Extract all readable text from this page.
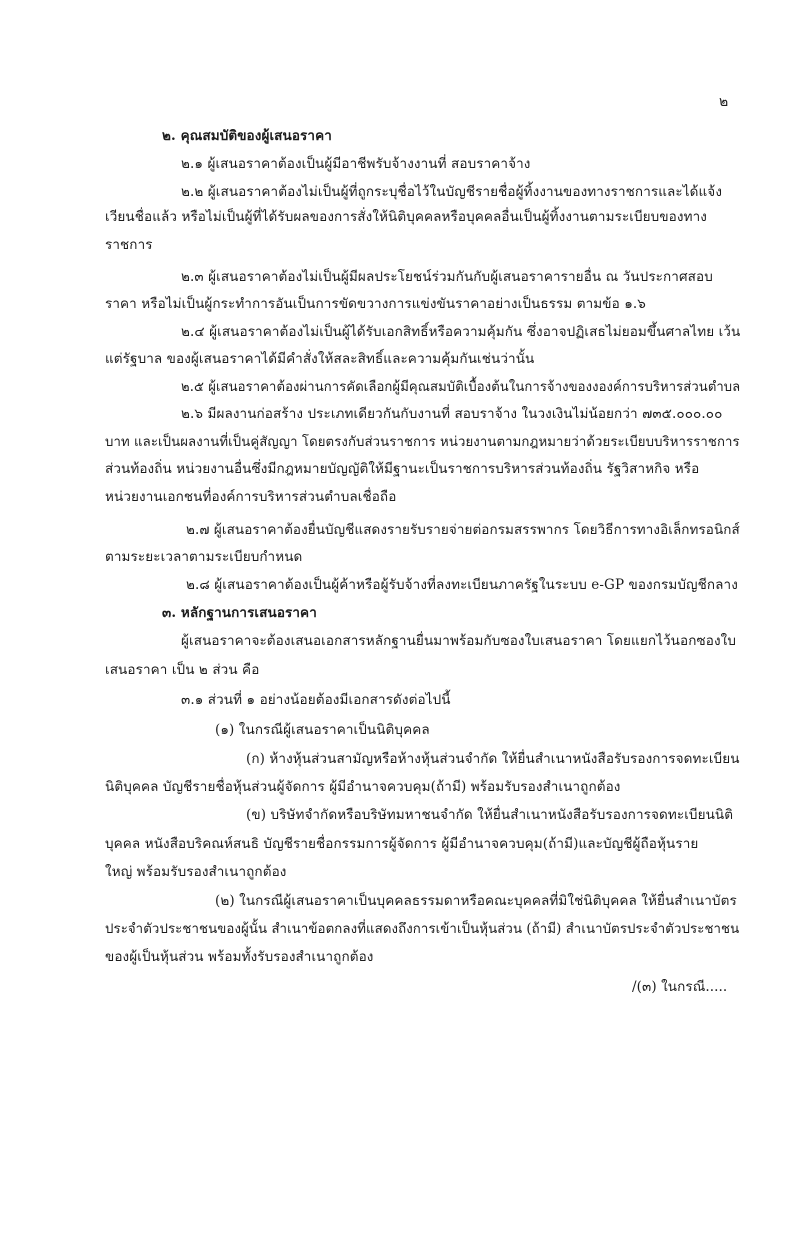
๒
๒. คุณสมบัติของผู้เสนอราคา
๒.๑ ผู้เสนอราคาต้องเป็นผู้มีอาชีพรับจ้างงานที่ สอบราคาจ้าง
๒.๒ ผู้เสนอราคาต้องไม่เป็นผู้ที่ถูกระบุชื่อไว้ในบัญชีรายชื่อผู้ทิ้งงานของทางราชการและได้แจ้ง
เวียนชื่อแล้ว หรือไม่เป็นผู้ที่ได้รับผลของการสั่งให้นิติบุคคลหรือบุคคลอื่นเป็นผู้ทิ้งงานตามระเบียบของทาง
ราชการ
๒.๓ ผู้เสนอราคาต้องไม่เป็นผู้มีผลประโยชน์ร่วมกันกับผู้เสนอราคารายอื่น ณ วันประกาศสอบ
ราคา หรือไม่เป็นผู้กระทำการอันเป็นการขัดขวางการแข่งขันราคาอย่างเป็นธรรม ตามข้อ ๑.๖
๒.๔ ผู้เสนอราคาต้องไม่เป็นผู้ได้รับเอกสิทธิ์หรือความคุ้มกัน ซึ่งอาจปฏิเสธไม่ยอมขึ้นศาลไทย เว้น
แต่รัฐบาล ของผู้เสนอราคาได้มีคำสั่งให้สละสิทธิ์และความคุ้มกันเช่นว่านั้น
๒.๕ ผู้เสนอราคาต้องผ่านการคัดเลือกผู้มีคุณสมบัติเบื้องต้นในการจ้างของงองค์การบริหารส่วนตำบล
๒.๖ มีผลงานก่อสร้าง ประเภทเดียวกันกับงานที่ สอบราจ้าง ในวงเงินไม่น้อยกว่า ๗๓๕.๐๐๐.๐๐
บาท และเป็นผลงานที่เป็นคู่สัญญา โดยตรงกับส่วนราชการ หน่วยงานตามกฎหมายว่าด้วยระเบียบบริหารราชการ
ส่วนท้องถิ่น หน่วยงานอื่นซึ่งมีกฎหมายบัญญัติให้มีฐานะเป็นราชการบริหารส่วนท้องถิ่น รัฐวิสาหกิจ หรือ
หน่วยงานเอกชนที่องค์การบริหารส่วนตำบลเชื่อถือ
๒.๗ ผู้เสนอราคาต้องยื่นบัญชีแสดงรายรับรายจ่ายต่อกรมสรรพากร โดยวิธีการทางอิเล็กทรอนิกส์
ตามระยะเวลาตามระเบียบกำหนด
๒.๘ ผู้เสนอราคาต้องเป็นผู้ค้าหรือผู้รับจ้างที่ลงทะเบียนภาครัฐในระบบ e-GP ของกรมบัญชีกลาง
๓. หลักฐานการเสนอราคา
ผู้เสนอราคาจะต้องเสนอเอกสารหลักฐานยื่นมาพร้อมกับซองใบเสนอราคา โดยแยกไว้นอกซองใบ
เสนอราคา เป็น ๒ ส่วน คือ
๓.๑ ส่วนที่ ๑ อย่างน้อยต้องมีเอกสารดังต่อไปนี้
(๑) ในกรณีผู้เสนอราคาเป็นนิติบุคคล
(ก) ห้างหุ้นส่วนสามัญหรือห้างหุ้นส่วนจำกัด ให้ยื่นสำเนาหนังสือรับรองการจดทะเบียน
นิติบุคคล บัญชีรายชื่อหุ้นส่วนผู้จัดการ ผู้มีอำนาจควบคุม(ถ้ามี) พร้อมรับรองสำเนาถูกต้อง
(ข) บริษัทจำกัดหรือบริษัทมหาชนจำกัด ให้ยื่นสำเนาหนังสือรับรองการจดทะเบียนนิติ
บุคคล หนังสือบริคณห์สนธิ บัญชีรายชื่อกรรมการผู้จัดการ ผู้มีอำนาจควบคุม(ถ้ามี)และบัญชีผู้ถือหุ้นราย
ใหญ่ พร้อมรับรองสำเนาถูกต้อง
(๒) ในกรณีผู้เสนอราคาเป็นบุคคลธรรมดาหรือคณะบุคคลที่มิใช่นิติบุคคล ให้ยื่นสำเนาบัตร
ประจำตัวประชาชนของผู้นั้น สำเนาข้อตกลงที่แสดงถึงการเข้าเป็นหุ้นส่วน (ถ้ามี) สำเนาบัตรประจำตัวประชาชน
ของผู้เป็นหุ้นส่วน พร้อมทั้งรับรองสำเนาถูกต้อง
/(๓) ในกรณี.....
